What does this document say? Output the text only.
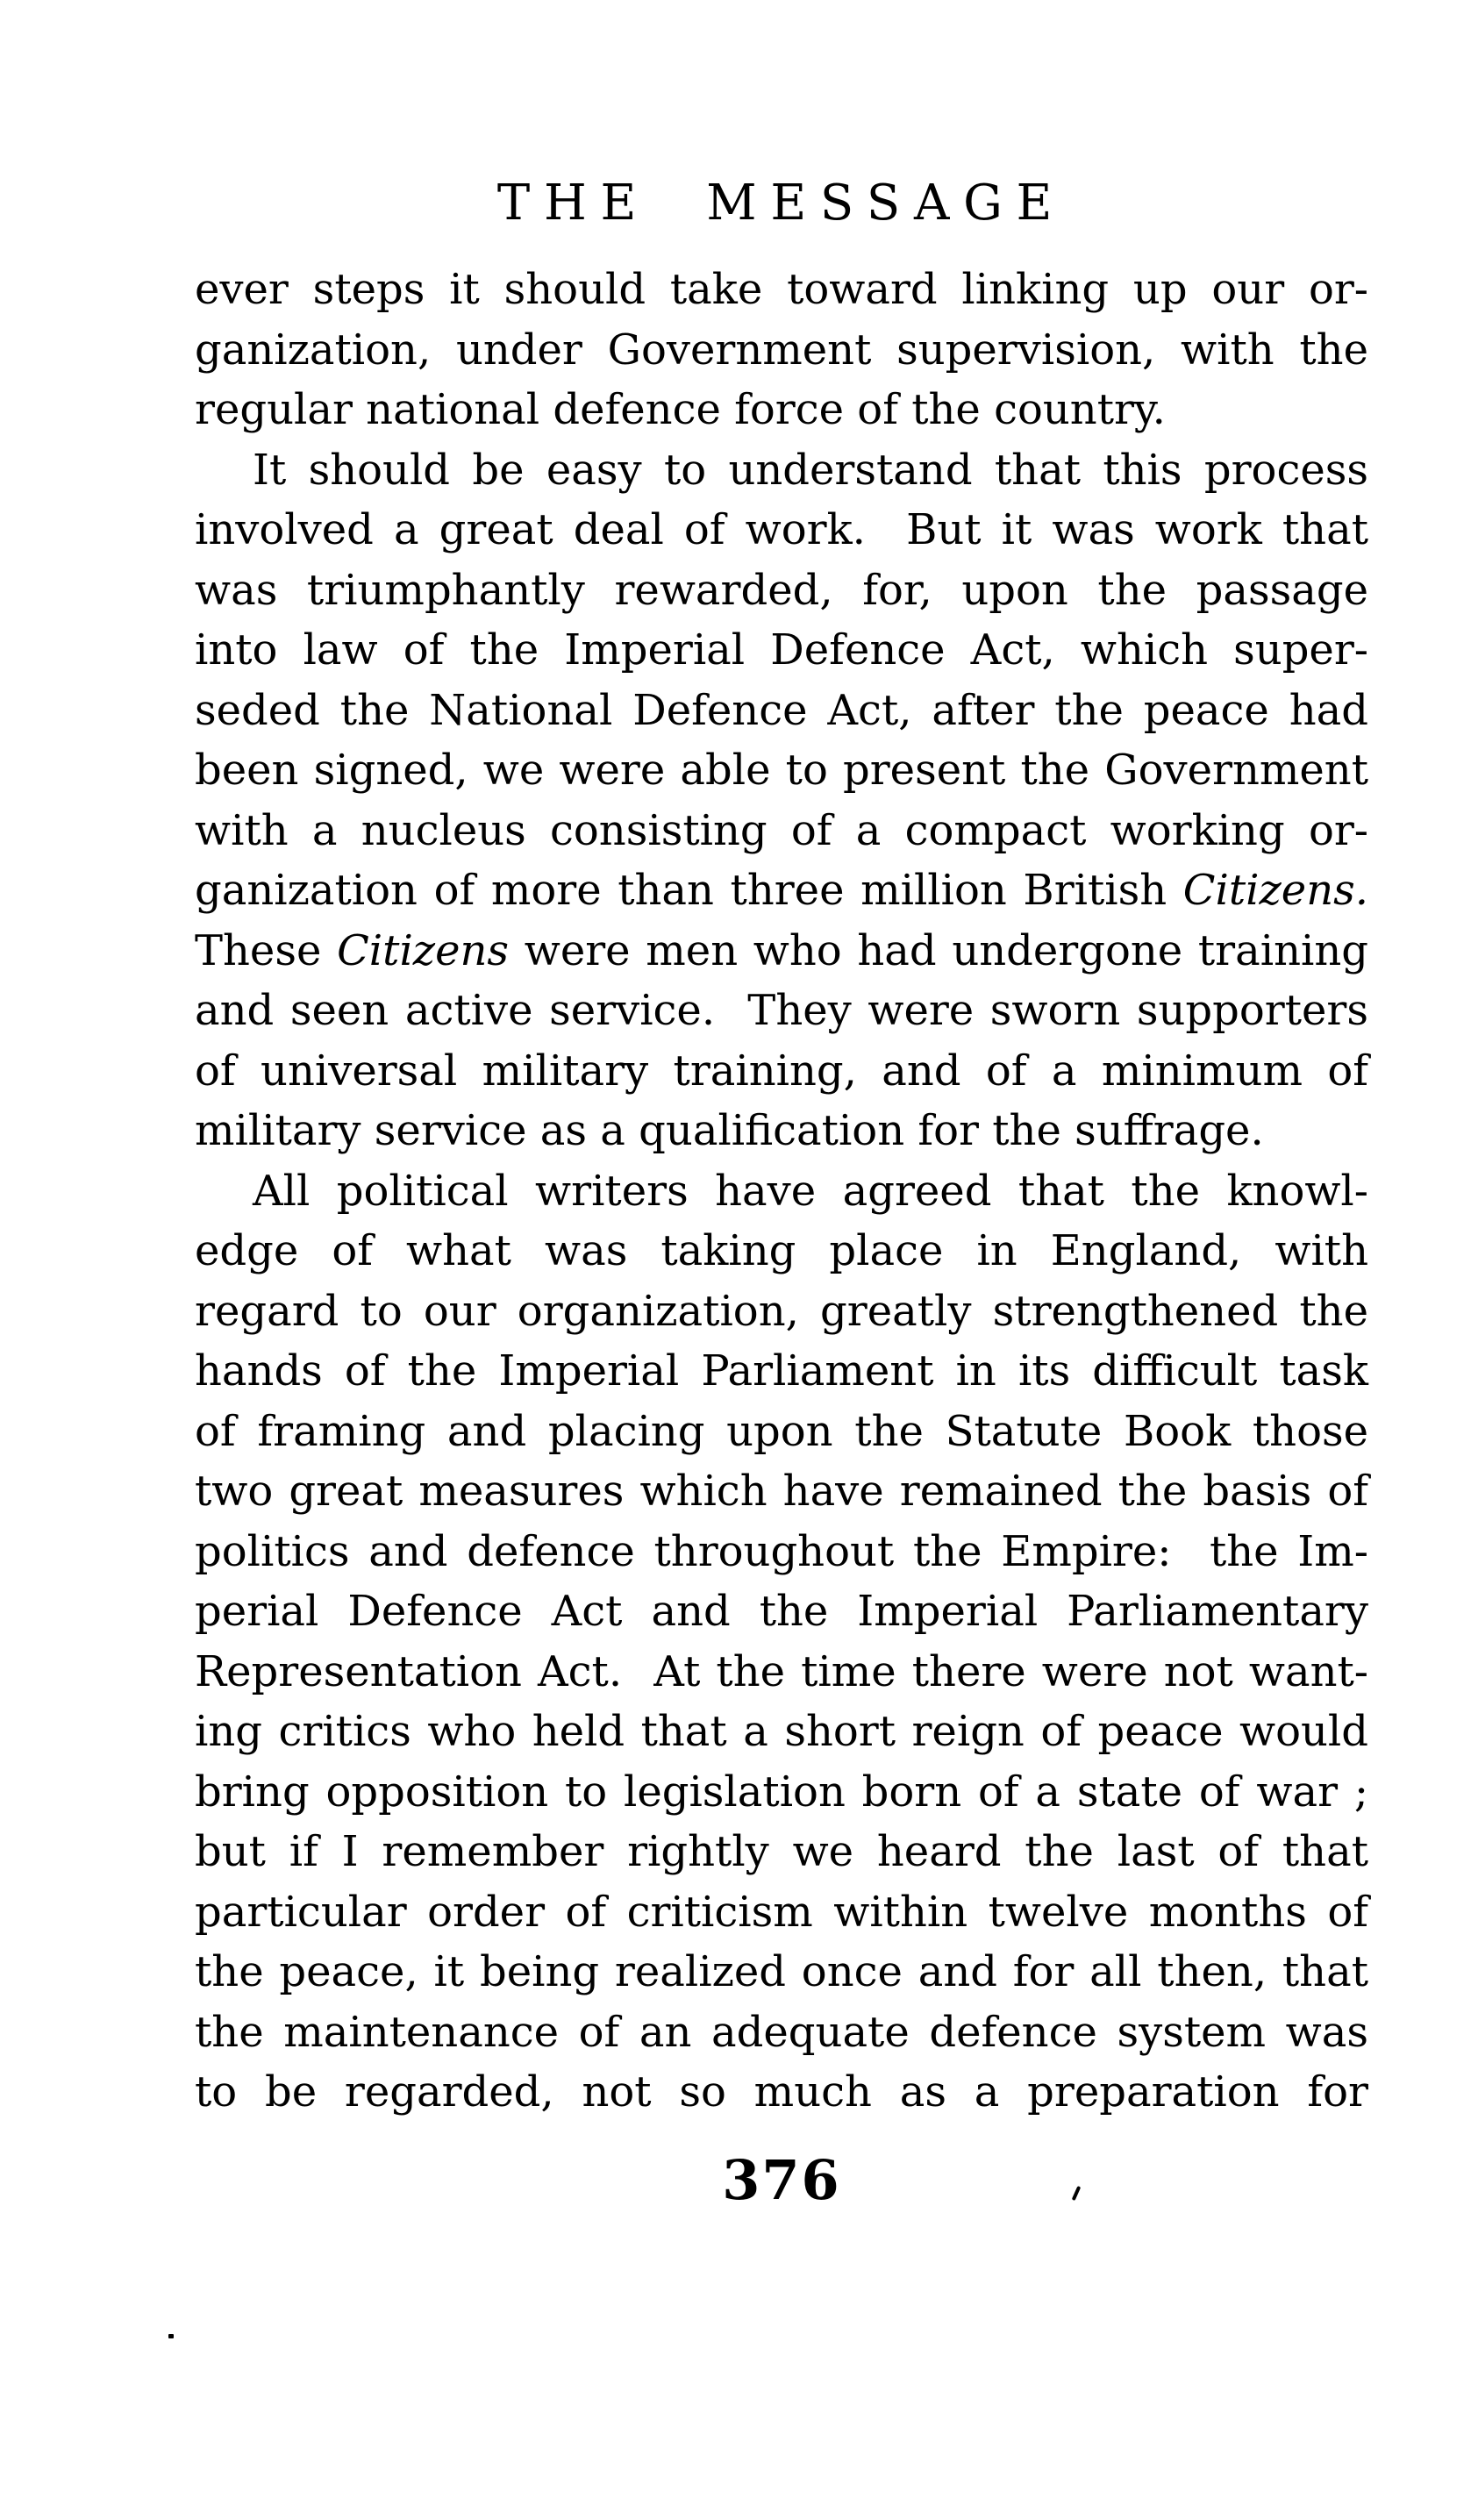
THE MESSAGE
ever steps it should take toward linking up our or-
ganization, under Government supervision, with the
regular national defence force of the country.
It should be easy to understand that this process
involved a great deal of work.  But it was work that
was triumphantly rewarded, for, upon the passage
into law of the Imperial Defence Act, which super-
seded the National Defence Act, after the peace had
been signed, we were able to present the Government
with a nucleus consisting of a compact working or-
ganization of more than three million British Citizens.
These Citizens were men who had undergone training
and seen active service.  They were sworn supporters
of universal military training, and of a minimum of
military service as a qualification for the suffrage.
All political writers have agreed that the knowl-
edge of what was taking place in England, with
regard to our organization, greatly strengthened the
hands of the Imperial Parliament in its difficult task
of framing and placing upon the Statute Book those
two great measures which have remained the basis of
politics and defence throughout the Empire:  the Im-
perial Defence Act and the Imperial Parliamentary
Representation Act.  At the time there were not want-
ing critics who held that a short reign of peace would
bring opposition to legislation born of a state of war ;
but if I remember rightly we heard the last of that
particular order of criticism within twelve months of
the peace, it being realized once and for all then, that
the maintenance of an adequate defence system was
to be regarded, not so much as a preparation for
376
